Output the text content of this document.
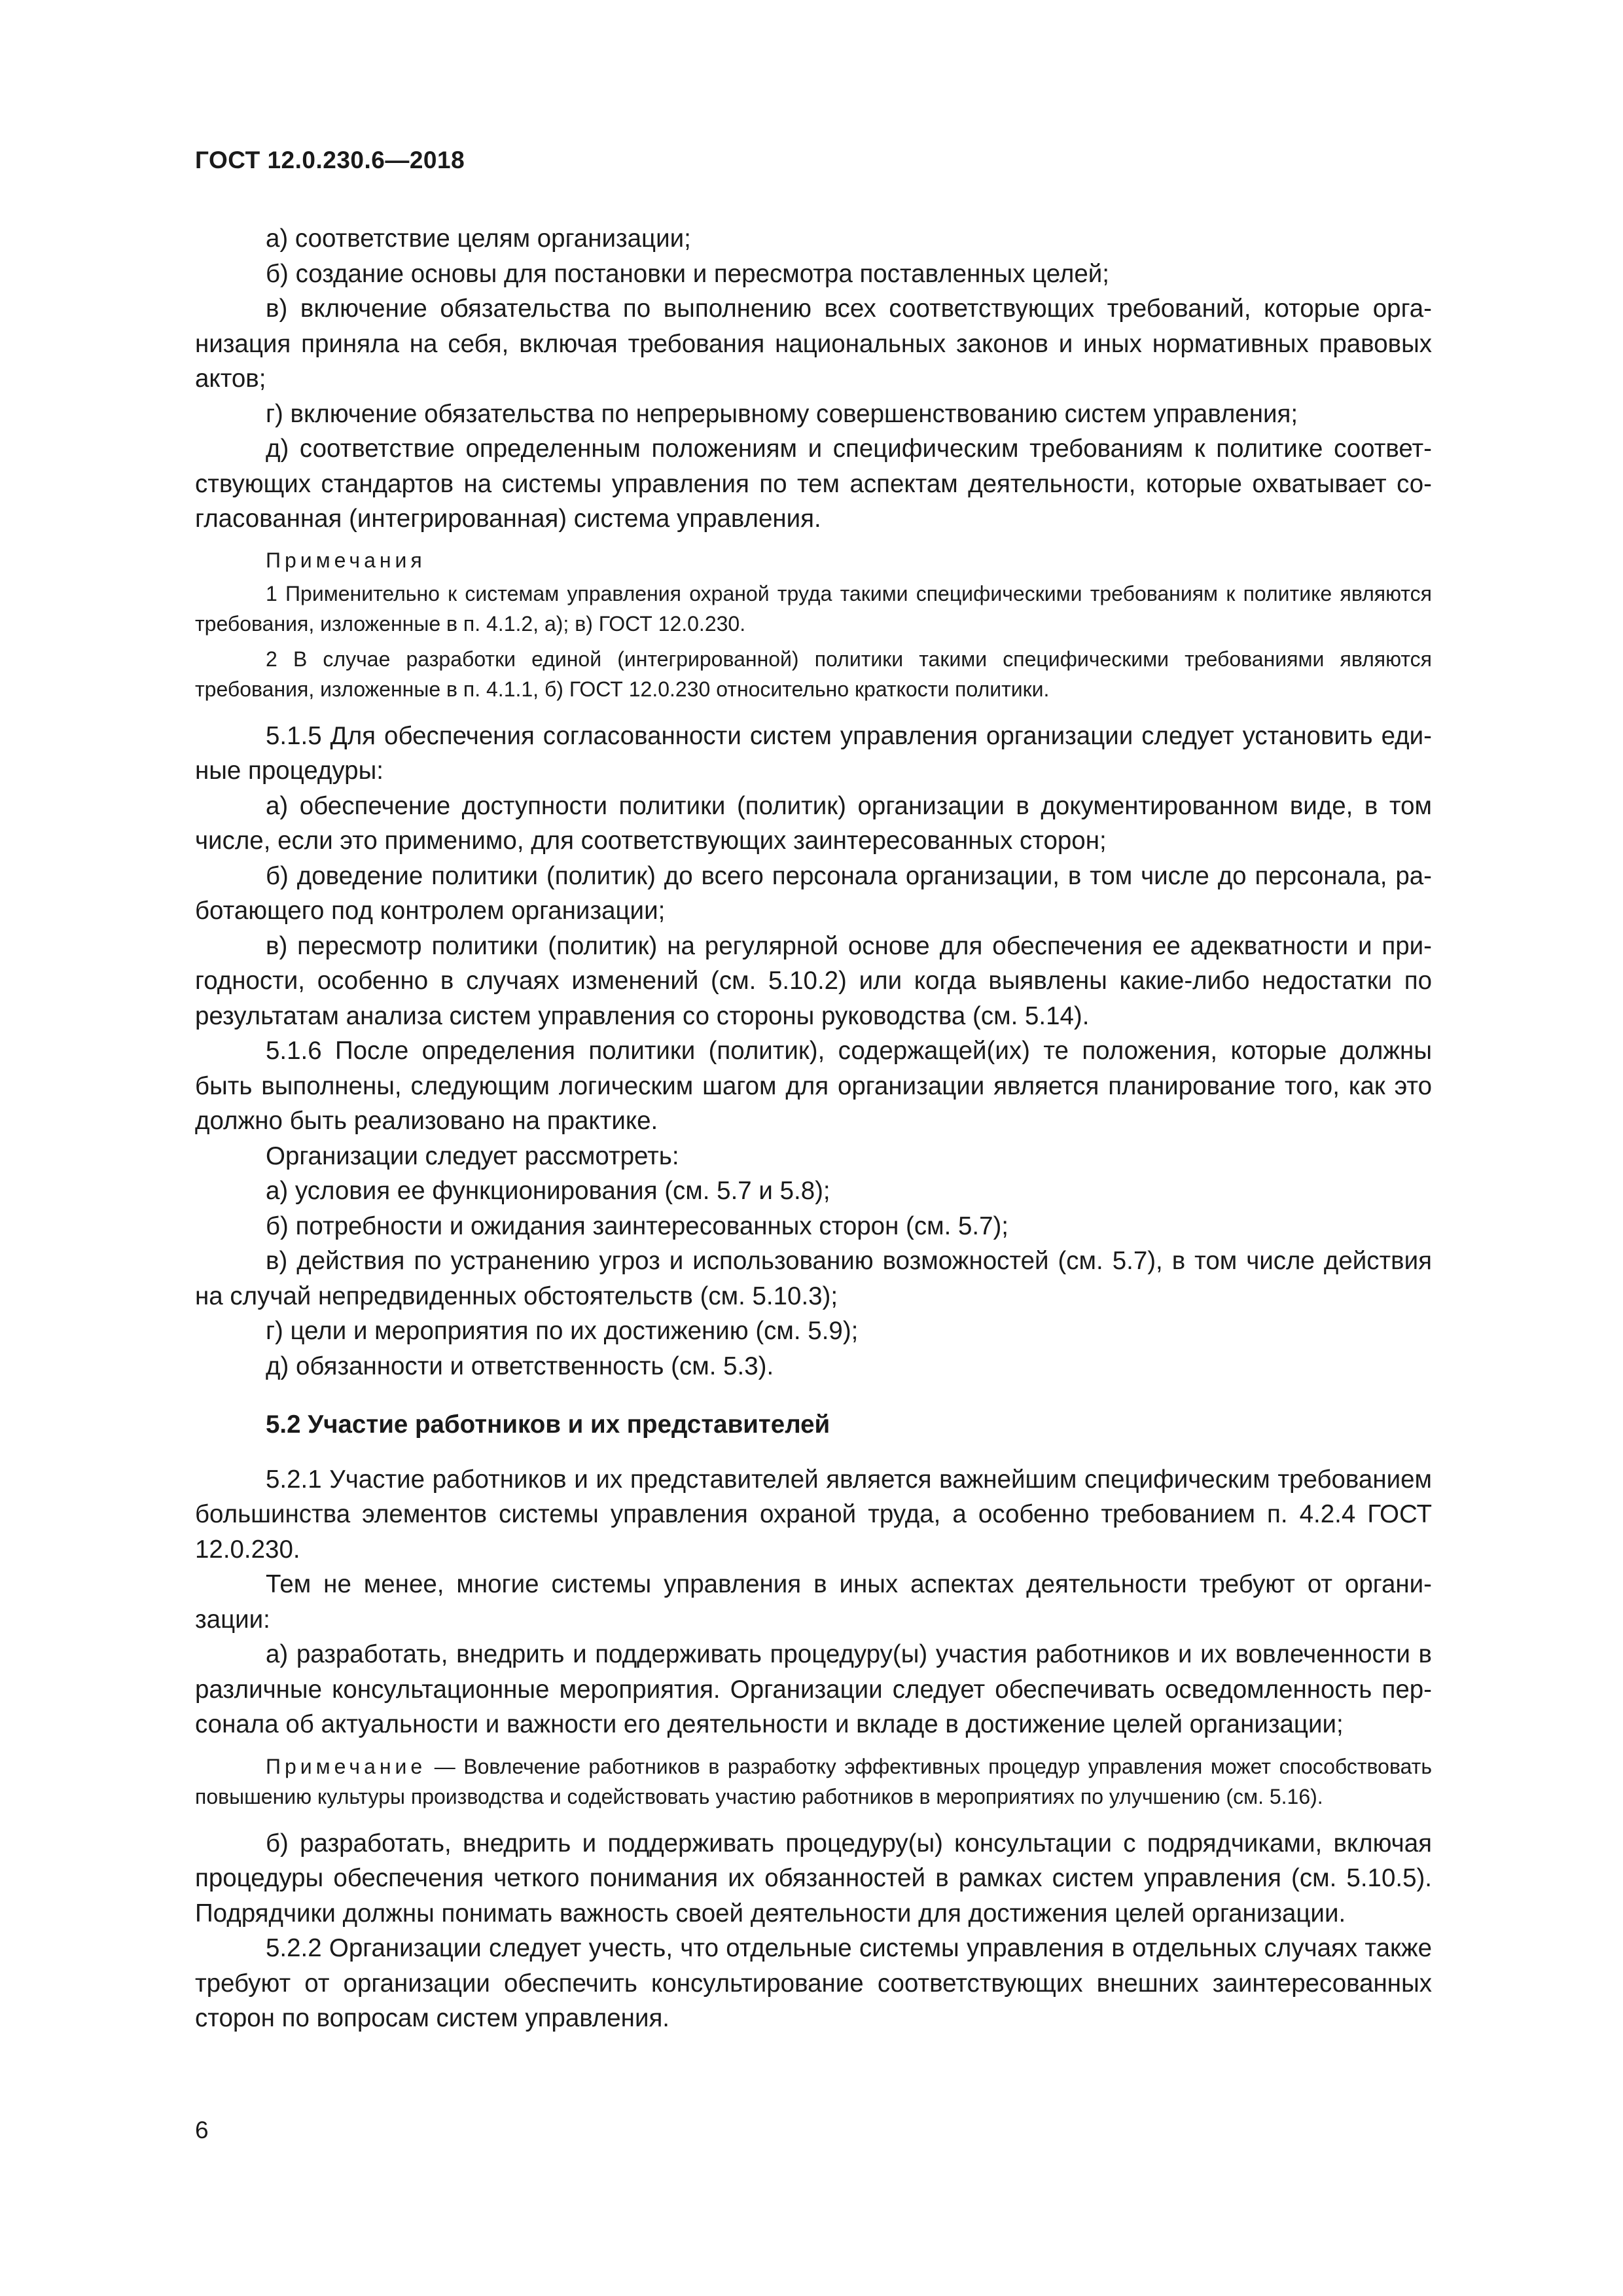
ГОСТ 12.0.230.6—2018

а) соответствие целям организации;

б) создание основы для постановки и пересмотра поставленных целей;

в) включение обязательства по выполнению всех соответствующих требований, которые организация приняла на себя, включая требования национальных законов и иных нормативных правовых актов;

г) включение обязательства по непрерывному совершенствованию систем управления;

д) соответствие определенным положениям и специфическим требованиям к политике соответствующих стандартов на системы управления по тем аспектам деятельности, которые охватывает согласованная (интегрированная) система управления.

Примечания

1 Применительно к системам управления охраной труда такими специфическими требованиям к политике являются требования, изложенные в п. 4.1.2, а); в) ГОСТ 12.0.230.

2 В случае разработки единой (интегрированной) политики такими специфическими требованиями являются требования, изложенные в п. 4.1.1, б) ГОСТ 12.0.230 относительно краткости политики.

5.1.5 Для обеспечения согласованности систем управления организации следует установить единые процедуры:

а) обеспечение доступности политики (политик) организации в документированном виде, в том числе, если это применимо, для соответствующих заинтересованных сторон;

б) доведение политики (политик) до всего персонала организации, в том числе до персонала, работающего под контролем организации;

в) пересмотр политики (политик) на регулярной основе для обеспечения ее адекватности и пригодности, особенно в случаях изменений (см. 5.10.2) или когда выявлены какие-либо недостатки по результатам анализа систем управления со стороны руководства (см. 5.14).

5.1.6 После определения политики (политик), содержащей(их) те положения, которые должны быть выполнены, следующим логическим шагом для организации является планирование того, как это должно быть реализовано на практике.

Организации следует рассмотреть:

а) условия ее функционирования (см. 5.7 и 5.8);

б) потребности и ожидания заинтересованных сторон (см. 5.7);

в) действия по устранению угроз и использованию возможностей (см. 5.7), в том числе действия на случай непредвиденных обстоятельств (см. 5.10.3);

г) цели и мероприятия по их достижению (см. 5.9);

д) обязанности и ответственность (см. 5.3).

5.2 Участие работников и их представителей

5.2.1 Участие работников и их представителей является важнейшим специфическим требованием большинства элементов системы управления охраной труда, а особенно требованием п. 4.2.4 ГОСТ 12.0.230.

Тем не менее, многие системы управления в иных аспектах деятельности требуют от организации:

а) разработать, внедрить и поддерживать процедуру(ы) участия работников и их вовлеченности в различные консультационные мероприятия. Организации следует обеспечивать осведомленность персонала об актуальности и важности его деятельности и вкладе в достижение целей организации;

Примечание — Вовлечение работников в разработку эффективных процедур управления может способствовать повышению культуры производства и содействовать участию работников в мероприятиях по улучшению (см. 5.16).

б) разработать, внедрить и поддерживать процедуру(ы) консультации с подрядчиками, включая процедуры обеспечения четкого понимания их обязанностей в рамках систем управления (см. 5.10.5). Подрядчики должны понимать важность своей деятельности для достижения целей организации.

5.2.2 Организации следует учесть, что отдельные системы управления в отдельных случаях также требуют от организации обеспечить консультирование соответствующих внешних заинтересованных сторон по вопросам систем управления.

6
